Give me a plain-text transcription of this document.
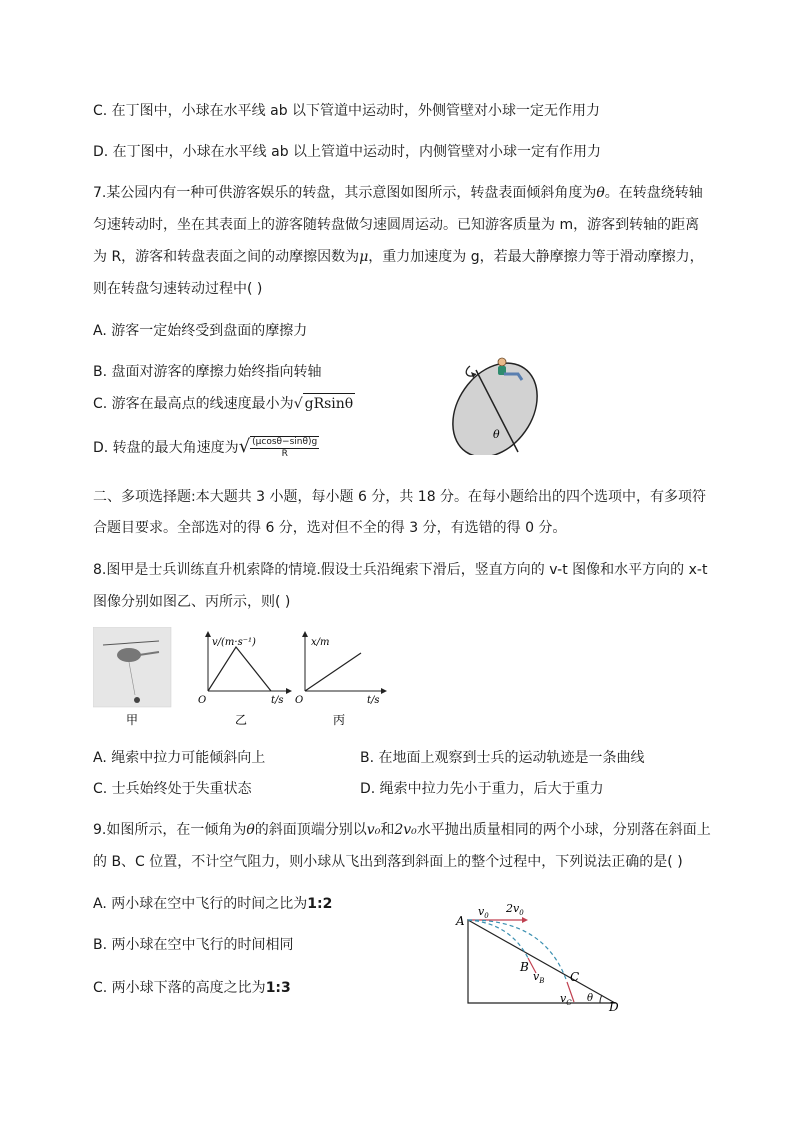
C. 在丁图中，小球在水平线 ab 以下管道中运动时，外侧管壁对小球一定无作用力
D. 在丁图中，小球在水平线 ab 以上管道中运动时，内侧管壁对小球一定有作用力
7.某公园内有一种可供游客娱乐的转盘，其示意图如图所示，转盘表面倾斜角度为θ。在转盘绕转轴
匀速转动时，坐在其表面上的游客随转盘做匀速圆周运动。已知游客质量为 m，游客到转轴的距离
为 R，游客和转盘表面之间的动摩擦因数为μ，重力加速度为 g，若最大静摩擦力等于滑动摩擦力，
则在转盘匀速转动过程中( )
A. 游客一定始终受到盘面的摩擦力
B. 盘面对游客的摩擦力始终指向转轴
C. 游客在最高点的线速度最小为√ gRsinθ
D. 转盘的最大角速度为√ $\frac{(\mu\cos\theta-\sin\theta)g}{R}$
θ
二、多项选择题:本大题共 3 小题，每小题 6 分，共 18 分。在每小题给出的四个选项中，有多项符
合题目要求。全部选对的得 6 分，选对但不全的得 3 分，有选错的得 0 分。
8.图甲是士兵训练直升机索降的情境.假设士兵沿绳索下滑后，竖直方向的 v-t 图像和水平方向的 x-t
图像分别如图乙、丙所示，则( )
甲
v/(m·s⁻¹)
t/s
O
乙
x/m
t/s
O
丙
A. 绳索中拉力可能倾斜向上	B. 在地面上观察到士兵的运动轨迹是一条曲线
C. 士兵始终处于失重状态	D. 绳索中拉力先小于重力，后大于重力
9.如图所示，在一倾角为θ的斜面顶端分别以v₀和2v₀水平抛出质量相同的两个小球，分别落在斜面上
的 B、C 位置，不计空气阻力，则小球从飞出到落到斜面上的整个过程中，下列说法正确的是( )
A. 两小球在空中飞行的时间之比为1:2
B. 两小球在空中飞行的时间相同
C. 两小球下落的高度之比为1:3
A
B
C
D
$v_0$
$2v_0$
$v_B$
$v_C$ θ
